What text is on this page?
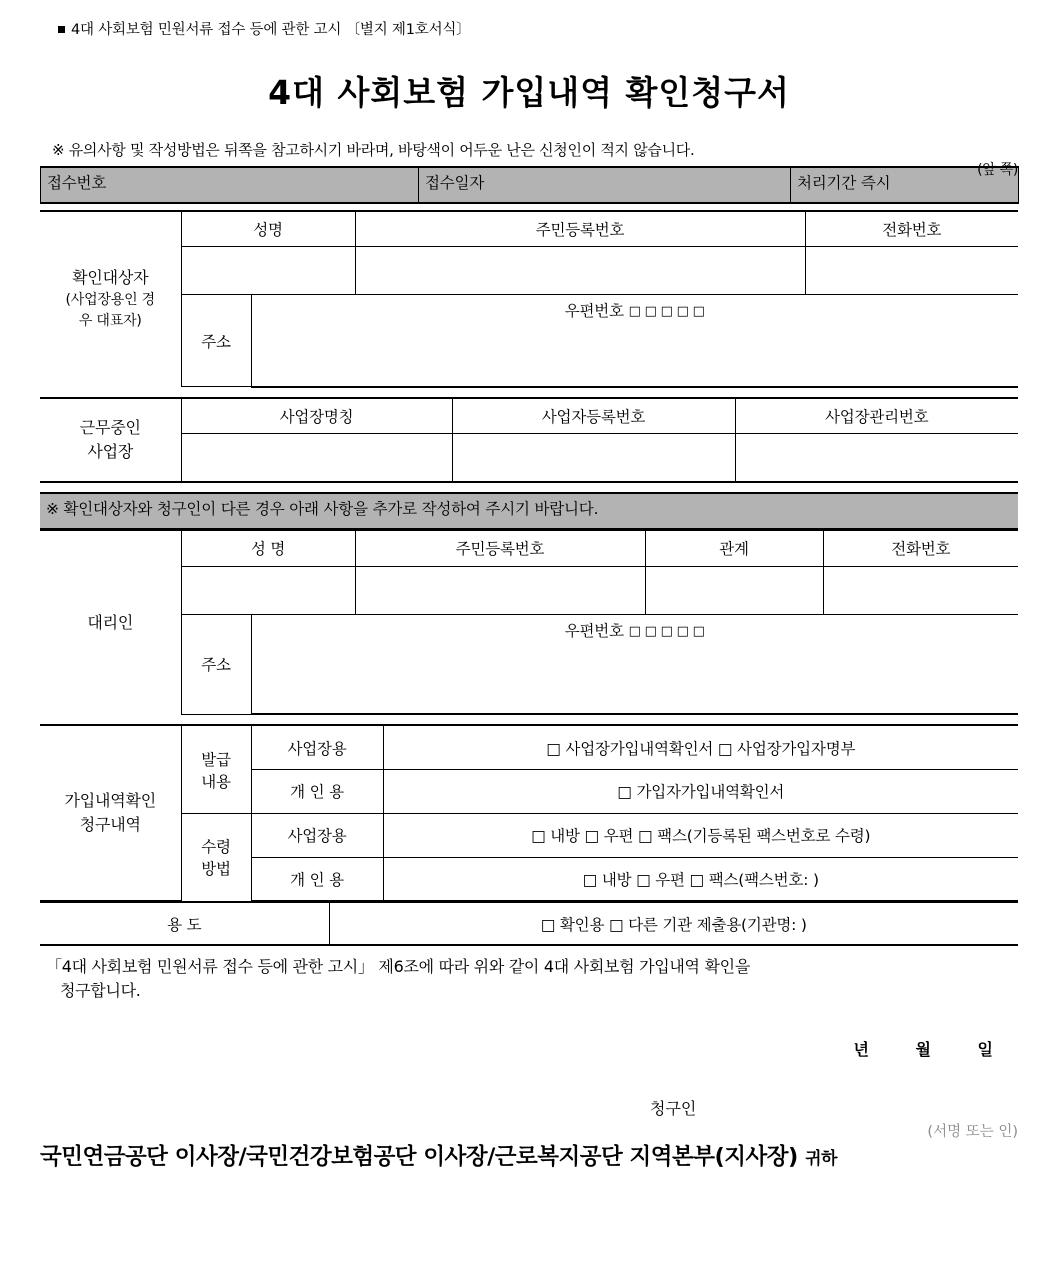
4대 사회보험 민원서류 접수 등에 관한 고시 〔별지 제1호서식〕
4대 사회보험 가입내역 확인청구서
※ 유의사항 및 작성방법은 뒤쪽을 참고하시기 바라며, 바탕색이 어두운 난은 신청인이 적지 않습니다.
(앞 쪽)
접수번호	접수일자	처리기간 즉시
확인대상자
(사업장용인 경
우 대표자)	성명		주민등록번호	전화번호

	주소	우편번호 □ □ □ □ □		

근무중인
사업장	사업장명칭	사업자등록번호	사업장관리번호

※ 확인대상자와 청구인이 다른 경우 아래 사항을 추가로 작성하여 주시기 바랍니다.
대리인	성 명		주민등록번호	관계	전화번호

	주소	우편번호 □ □ □ □ □			

가입내역확인
청구내역	발급
내용	사업장용	□ 사업장가입내역확인서 □ 사업장가입자명부
		개 인 용	□ 가입자가입내역확인서
	수령
방법	사업장용	□ 내방 □ 우편 □ 팩스(기등록된 팩스번호로 수령)
		개 인 용	□ 내방 □ 우편 □ 팩스(팩스번호: )
용 도	□ 확인용 □ 다른 기관 제출용(기관명: )
「4대 사회보험 민원서류 접수 등에 관한 고시」 제6조에 따라 위와 같이 4대 사회보험 가입내역 확인을
청구합니다.
년	월	일
청구인
(서명 또는 인)
국민연금공단 이사장/국민건강보험공단 이사장/근로복지공단 지역본부(지사장) 귀하
